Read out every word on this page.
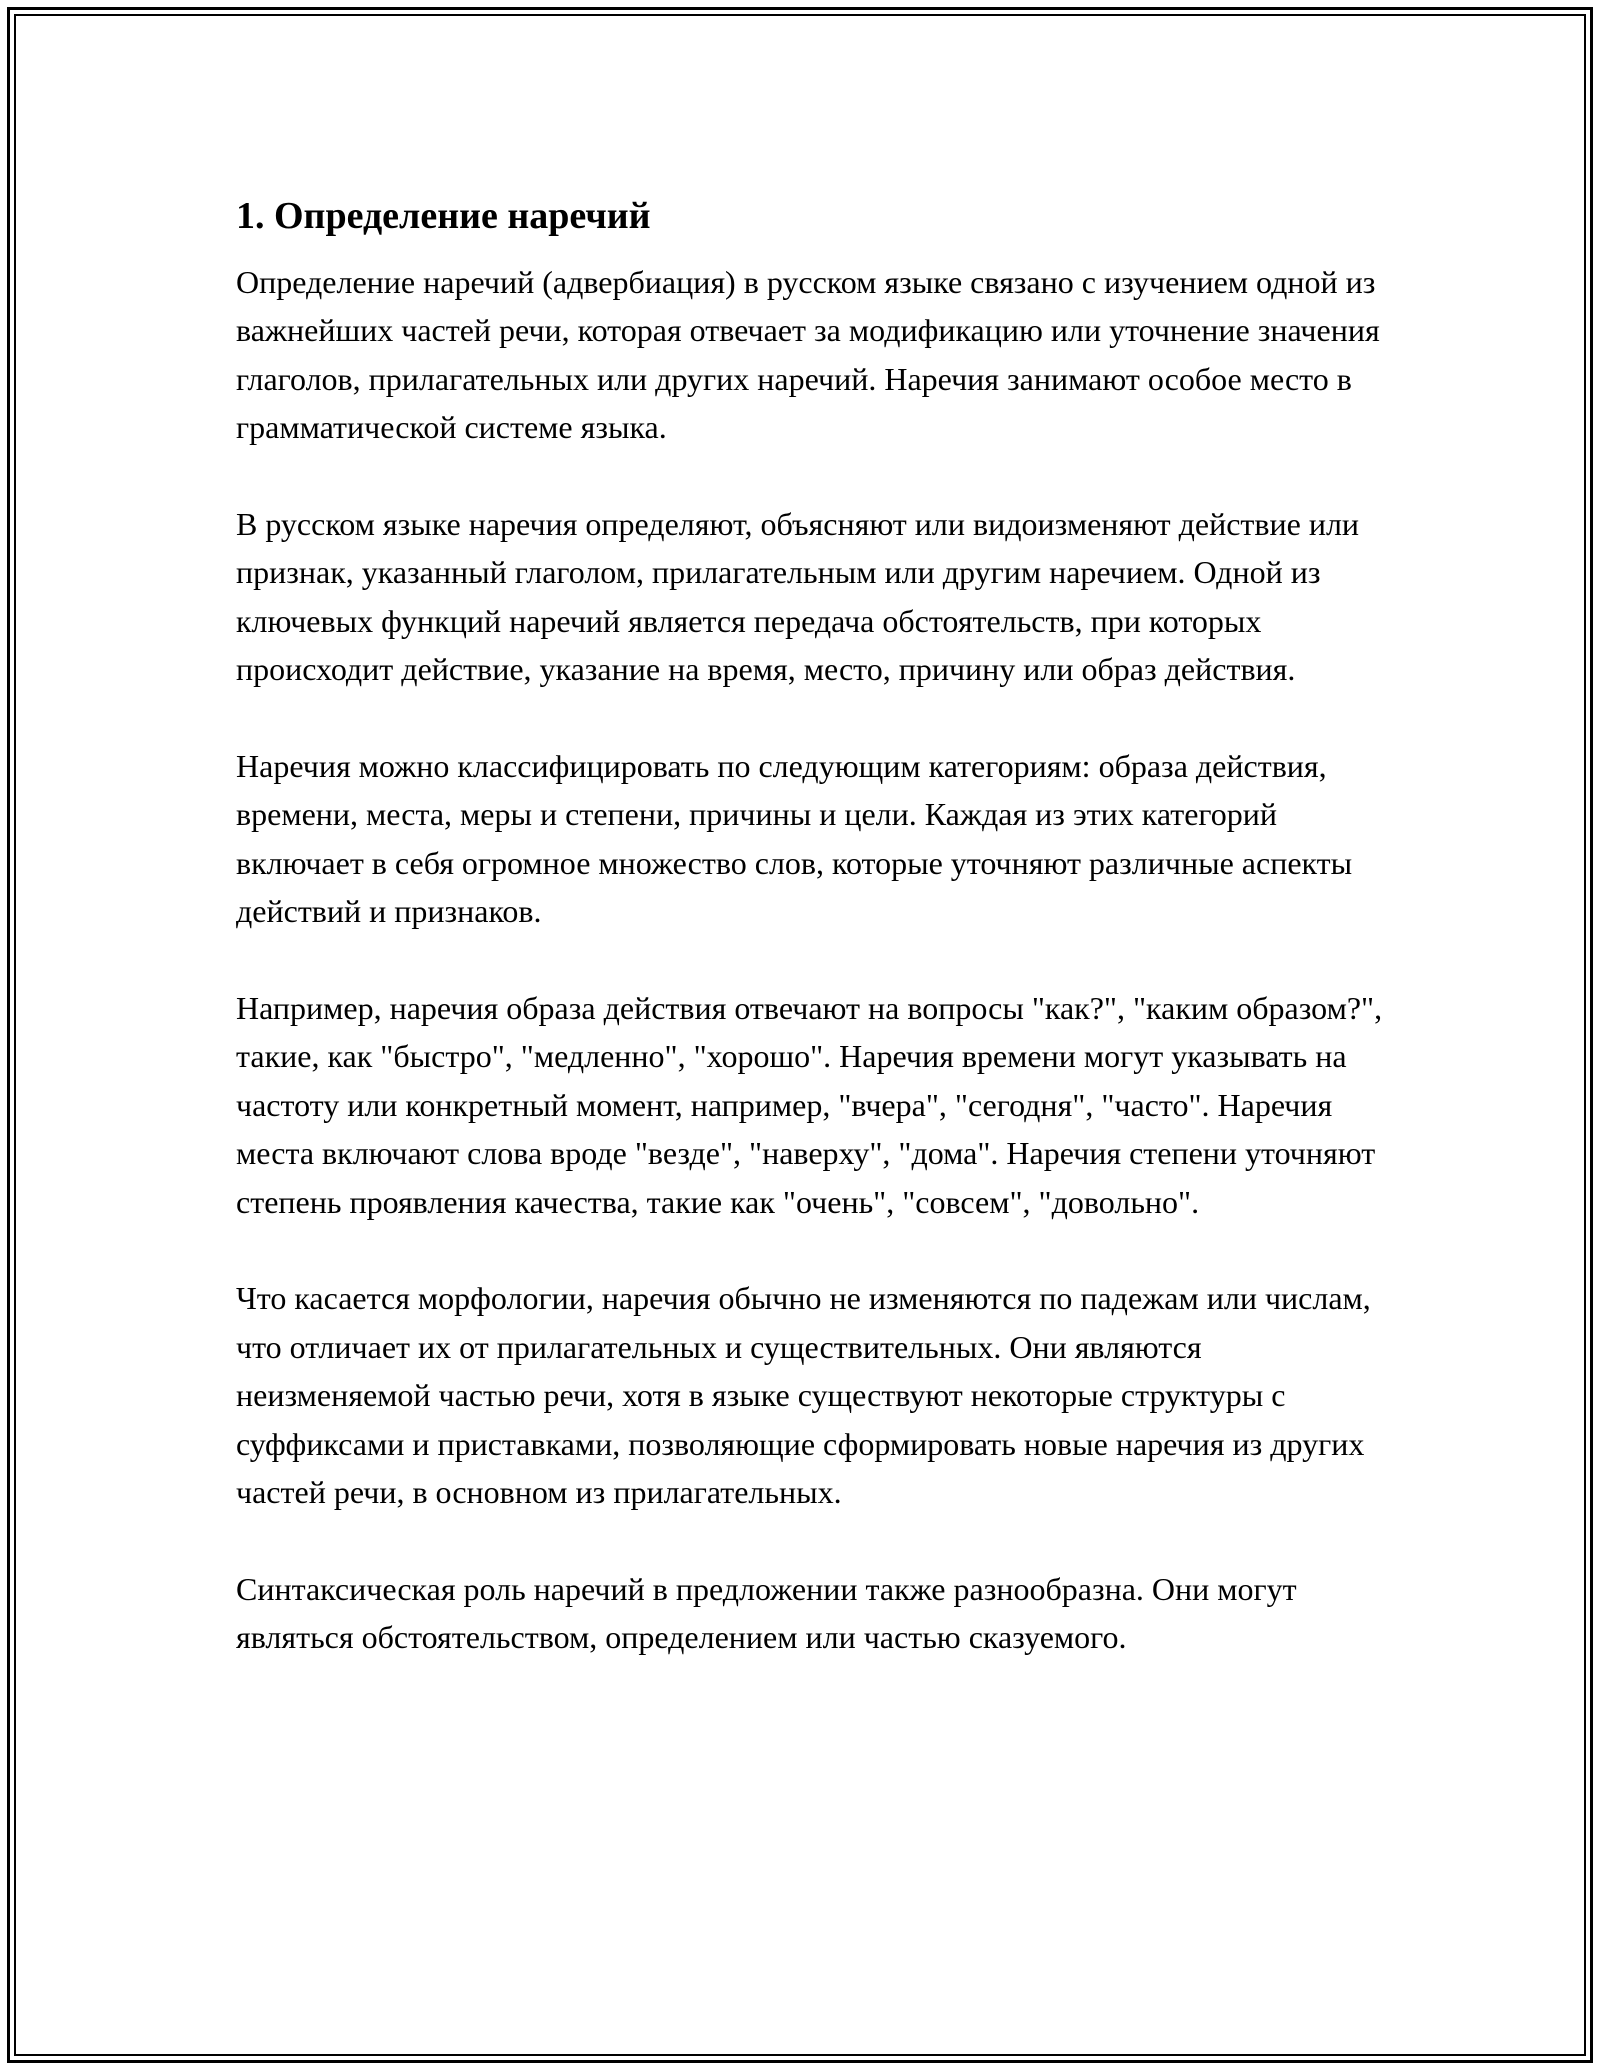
1. Определение наречий

Определение наречий (адвербиация) в русском языке связано с изучением одной из важнейших частей речи, которая отвечает за модификацию или уточнение значения глаголов, прилагательных или других наречий. Наречия занимают особое место в грамматической системе языка.

В русском языке наречия определяют, объясняют или видоизменяют действие или признак, указанный глаголом, прилагательным или другим наречием. Одной из ключевых функций наречий является передача обстоятельств, при которых происходит действие, указание на время, место, причину или образ действия.

Наречия можно классифицировать по следующим категориям: образа действия, времени, места, меры и степени, причины и цели. Каждая из этих категорий включает в себя огромное множество слов, которые уточняют различные аспекты действий и признаков.

Например, наречия образа действия отвечают на вопросы "как?", "каким образом?", такие, как "быстро", "медленно", "хорошо". Наречия времени могут указывать на частоту или конкретный момент, например, "вчера", "сегодня", "часто". Наречия места включают слова вроде "везде", "наверху", "дома". Наречия степени уточняют степень проявления качества, такие как "очень", "совсем", "довольно".

Что касается морфологии, наречия обычно не изменяются по падежам или числам, что отличает их от прилагательных и существительных. Они являются неизменяемой частью речи, хотя в языке существуют некоторые структуры с суффиксами и приставками, позволяющие сформировать новые наречия из других частей речи, в основном из прилагательных.

Синтаксическая роль наречий в предложении также разнообразна. Они могут являться обстоятельством, определением или частью сказуемого.
